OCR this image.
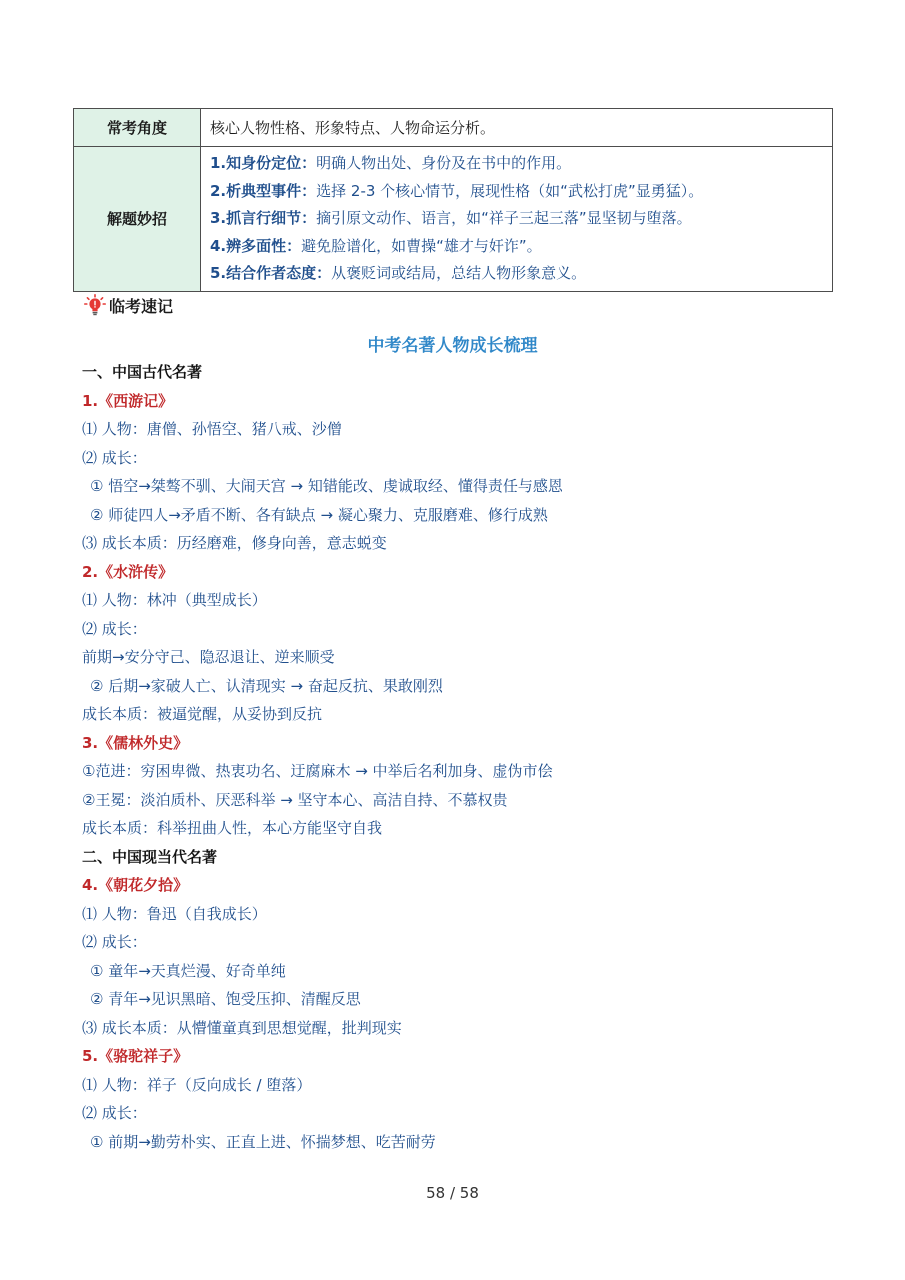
常考角度	核心人物性格、形象特点、人物命运分析。
解题妙招	1.知身份定位：明确人物出处、身份及在书中的作用。
2.析典型事件：选择 2-3 个核心情节，展现性格（如“武松打虎”显勇猛）。
3.抓言行细节：摘引原文动作、语言，如“祥子三起三落”显坚韧与堕落。
4.辨多面性：避免脸谱化，如曹操“雄才与奸诈”。
5.结合作者态度：从褒贬词或结局，总结人物形象意义。
临考速记
中考名著人物成长梳理
一、中国古代名著
1.《西游记》
⑴ 人物：唐僧、孙悟空、猪八戒、沙僧
⑵ 成长：
① 悟空→桀骜不驯、大闹天宫 → 知错能改、虔诚取经、懂得责任与感恩
② 师徒四人→矛盾不断、各有缺点 → 凝心聚力、克服磨难、修行成熟
⑶ 成长本质：历经磨难，修身向善，意志蜕变
2.《水浒传》
⑴ 人物：林冲（典型成长）
⑵ 成长：
前期→安分守己、隐忍退让、逆来顺受
② 后期→家破人亡、认清现实 → 奋起反抗、果敢刚烈
成长本质：被逼觉醒，从妥协到反抗
3.《儒林外史》
①范进：穷困卑微、热衷功名、迂腐麻木 → 中举后名利加身、虚伪市侩
②王冕：淡泊质朴、厌恶科举 → 坚守本心、高洁自持、不慕权贵
成长本质：科举扭曲人性，本心方能坚守自我
二、中国现当代名著
4.《朝花夕拾》
⑴ 人物：鲁迅（自我成长）
⑵ 成长：
① 童年→天真烂漫、好奇单纯
② 青年→见识黑暗、饱受压抑、清醒反思
⑶ 成长本质：从懵懂童真到思想觉醒，批判现实
5.《骆驼祥子》
⑴ 人物：祥子（反向成长 / 堕落）
⑵ 成长：
① 前期→勤劳朴实、正直上进、怀揣梦想、吃苦耐劳
58 / 58
